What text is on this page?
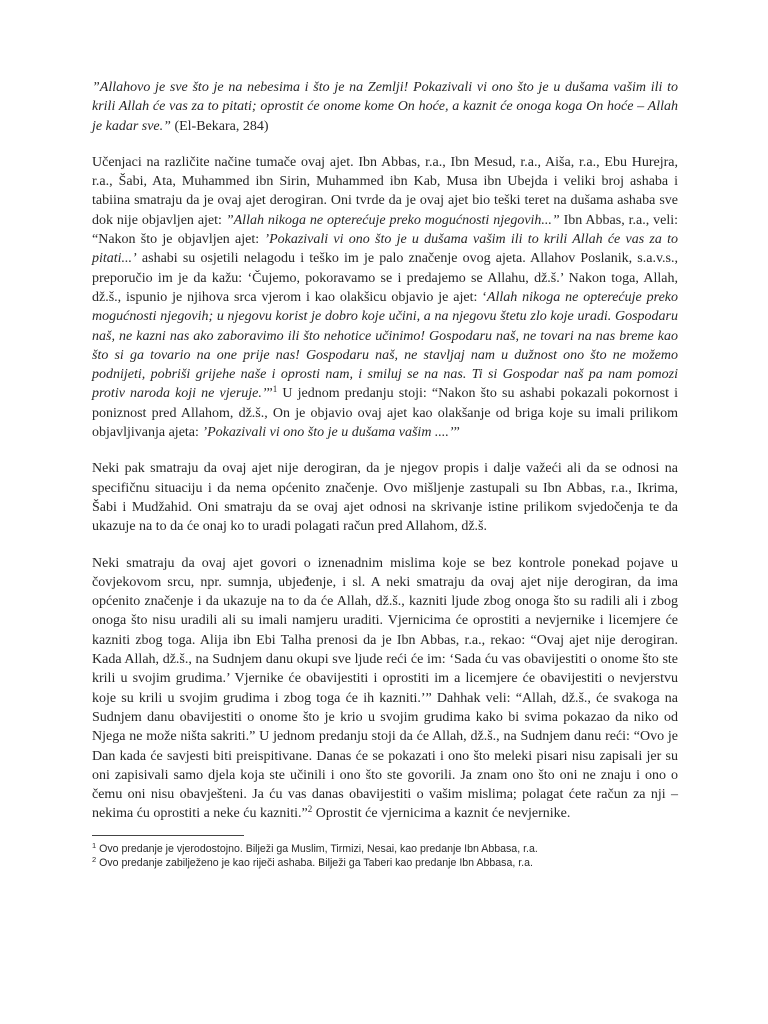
”Allahovo je sve što je na nebesima i što je na Zemlji! Pokazivali vi ono što je u dušama vašim ili to krili Allah će vas za to pitati; oprostit će onome kome On hoće, a kaznit će onoga koga On hoće – Allah je kadar sve.” (El-Bekara, 284)

Učenjaci na različite načine tumače ovaj ajet. Ibn Abbas, r.a., Ibn Mesud, r.a., Aiša, r.a., Ebu Hurejra, r.a., Šabi, Ata, Muhammed ibn Sirin, Muhammed ibn Kab, Musa ibn Ubejda i veliki broj ashaba i tabiina smatraju da je ovaj ajet derogiran. Oni tvrde da je ovaj ajet bio teški teret na dušama ashaba sve dok nije objavljen ajet: ”Allah nikoga ne opterećuje preko mogućnosti njegovih...” Ibn Abbas, r.a., veli: “Nakon što je objavljen ajet: ’Pokazivali vi ono što je u dušama vašim ili to krili Allah će vas za to pitati...’ ashabi su osjetili nelagodu i teško im je palo značenje ovog ajeta. Allahov Poslanik, s.a.v.s., preporučio im je da kažu: ‘Čujemo, pokoravamo se i predajemo se Allahu, dž.š.’ Nakon toga, Allah, dž.š., ispunio je njihova srca vjerom i kao olakšicu objavio je ajet: ‘Allah nikoga ne opterećuje preko mogućnosti njegovih; u njegovu korist je dobro koje učini, a na njegovu štetu zlo koje uradi. Gospodaru naš, ne kazni nas ako zaboravimo ili što nehotice učinimo! Gospodaru naš, ne tovari na nas breme kao što si ga tovario na one prije nas! Gospodaru naš, ne stavljaj nam u dužnost ono što ne možemo podnijeti, pobriši grijehe naše i oprosti nam, i smiluj se na nas. Ti si Gospodar naš pa nam pomozi protiv naroda koji ne vjeruje.’”$^1$ U jednom predanju stoji: “Nakon što su ashabi pokazali pokornost i poniznost pred Allahom, dž.š., On je objavio ovaj ajet kao olakšanje od briga koje su imali prilikom objavljivanja ajeta: ’Pokazivali vi ono što je u dušama vašim ....’”

Neki pak smatraju da ovaj ajet nije derogiran, da je njegov propis i dalje važeći ali da se odnosi na specifičnu situaciju i da nema općenito značenje. Ovo mišljenje zastupali su Ibn Abbas, r.a., Ikrima, Šabi i Mudžahid. Oni smatraju da se ovaj ajet odnosi na skrivanje istine prilikom svjedočenja te da ukazuje na to da će onaj ko to uradi polagati račun pred Allahom, dž.š.

Neki smatraju da ovaj ajet govori o iznenadnim mislima koje se bez kontrole ponekad pojave u čovjekovom srcu, npr. sumnja, ubjeđenje, i sl. A neki smatraju da ovaj ajet nije derogiran, da ima općenito značenje i da ukazuje na to da će Allah, dž.š., kazniti ljude zbog onoga što su radili ali i zbog onoga što nisu uradili ali su imali namjeru uraditi. Vjernicima će oprostiti a nevjernike i licemjere će kazniti zbog toga. Alija ibn Ebi Talha prenosi da je Ibn Abbas, r.a., rekao: “Ovaj ajet nije derogiran. Kada Allah, dž.š., na Sudnjem danu okupi sve ljude reći će im: ‘Sada ću vas obavijestiti o onome što ste krili u svojim grudima.’ Vjernike će obavijestiti i oprostiti im a licemjere će obavijestiti o nevjerstvu koje su krili u svojim grudima i zbog toga će ih kazniti.’” Dahhak veli: “Allah, dž.š., će svakoga na Sudnjem danu obavijestiti o onome što je krio u svojim grudima kako bi svima pokazao da niko od Njega ne može ništa sakriti.” U jednom predanju stoji da će Allah, dž.š., na Sudnjem danu reći: “Ovo je Dan kada će savjesti biti preispitivane. Danas će se pokazati i ono što meleki pisari nisu zapisali jer su oni zapisivali samo djela koja ste učinili i ono što ste govorili. Ja znam ono što oni ne znaju i ono o čemu oni nisu obavješteni. Ja ću vas danas obavijestiti o vašim mislima; polagat ćete račun za nji – nekima ću oprostiti a neke ću kazniti.”$^2$ Oprostit će vjernicima a kaznit će nevjernike.

$^1$ Ovo predanje je vjerodostojno. Bilježi ga Muslim, Tirmizi, Nesai, kao predanje Ibn Abbasa, r.a.

$^2$ Ovo predanje zabilježeno je kao riječi ashaba. Bilježi ga Taberi kao predanje Ibn Abbasa, r.a.
